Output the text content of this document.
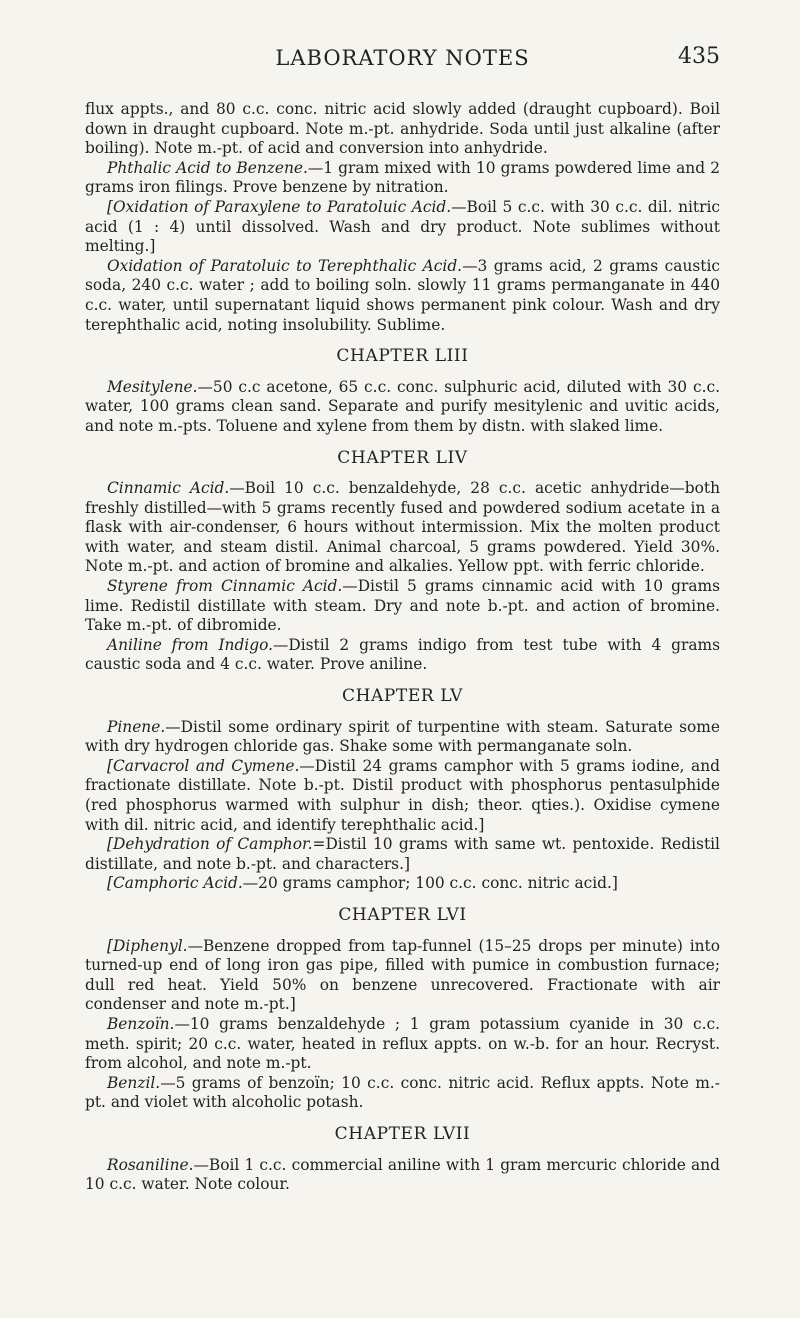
LABORATORY NOTES	435

flux appts., and 80 c.c. conc. nitric acid slowly added (draught cupboard). Boil down in draught cupboard. Note m.-pt. anhydride. Soda until just alkaline (after boiling). Note m.-pt. of acid and conversion into anhydride.

Phthalic Acid to Benzene.—1 gram mixed with 10 grams powdered lime and 2 grams iron filings. Prove benzene by nitration.

[Oxidation of Paraxylene to Paratoluic Acid.—Boil 5 c.c. with 30 c.c. dil. nitric acid (1 : 4) until dissolved. Wash and dry product. Note sublimes without melting.]

Oxidation of Paratoluic to Terephthalic Acid.—3 grams acid, 2 grams caustic soda, 240 c.c. water ; add to boiling soln. slowly 11 grams permanganate in 440 c.c. water, until supernatant liquid shows permanent pink colour. Wash and dry terephthalic acid, noting insolubility. Sublime.

CHAPTER LIII

Mesitylene.—50 c.c acetone, 65 c.c. conc. sulphuric acid, diluted with 30 c.c. water, 100 grams clean sand. Separate and purify mesitylenic and uvitic acids, and note m.-pts. Toluene and xylene from them by distn. with slaked lime.

CHAPTER LIV

Cinnamic Acid.—Boil 10 c.c. benzaldehyde, 28 c.c. acetic anhydride—both freshly distilled—with 5 grams recently fused and powdered sodium acetate in a flask with air-condenser, 6 hours without intermission. Mix the molten product with water, and steam distil. Animal charcoal, 5 grams powdered. Yield 30%. Note m.-pt. and action of bromine and alkalies. Yellow ppt. with ferric chloride.

Styrene from Cinnamic Acid.—Distil 5 grams cinnamic acid with 10 grams lime. Redistil distillate with steam. Dry and note b.-pt. and action of bromine. Take m.-pt. of dibromide.

Aniline from Indigo.—Distil 2 grams indigo from test tube with 4 grams caustic soda and 4 c.c. water. Prove aniline.

CHAPTER LV

Pinene.—Distil some ordinary spirit of turpentine with steam. Saturate some with dry hydrogen chloride gas. Shake some with permanganate soln.

[Carvacrol and Cymene.—Distil 24 grams camphor with 5 grams iodine, and fractionate distillate. Note b.-pt. Distil product with phosphorus pentasulphide (red phosphorus warmed with sulphur in dish; theor. qties.). Oxidise cymene with dil. nitric acid, and identify terephthalic acid.]

[Dehydration of Camphor.=Distil 10 grams with same wt. pentoxide. Redistil distillate, and note b.-pt. and characters.]

[Camphoric Acid.—20 grams camphor; 100 c.c. conc. nitric acid.]

CHAPTER LVI

[Diphenyl.—Benzene dropped from tap-funnel (15–25 drops per minute) into turned-up end of long iron gas pipe, filled with pumice in combustion furnace; dull red heat. Yield 50% on benzene unrecovered. Fractionate with air condenser and note m.-pt.]

Benzoïn.—10 grams benzaldehyde ; 1 gram potassium cyanide in 30 c.c. meth. spirit; 20 c.c. water, heated in reflux appts. on w.-b. for an hour. Recryst. from alcohol, and note m.-pt.

Benzil.—5 grams of benzoïn; 10 c.c. conc. nitric acid. Reflux appts. Note m.-pt. and violet with alcoholic potash.

CHAPTER LVII

Rosaniline.—Boil 1 c.c. commercial aniline with 1 gram mercuric chloride and 10 c.c. water. Note colour.
